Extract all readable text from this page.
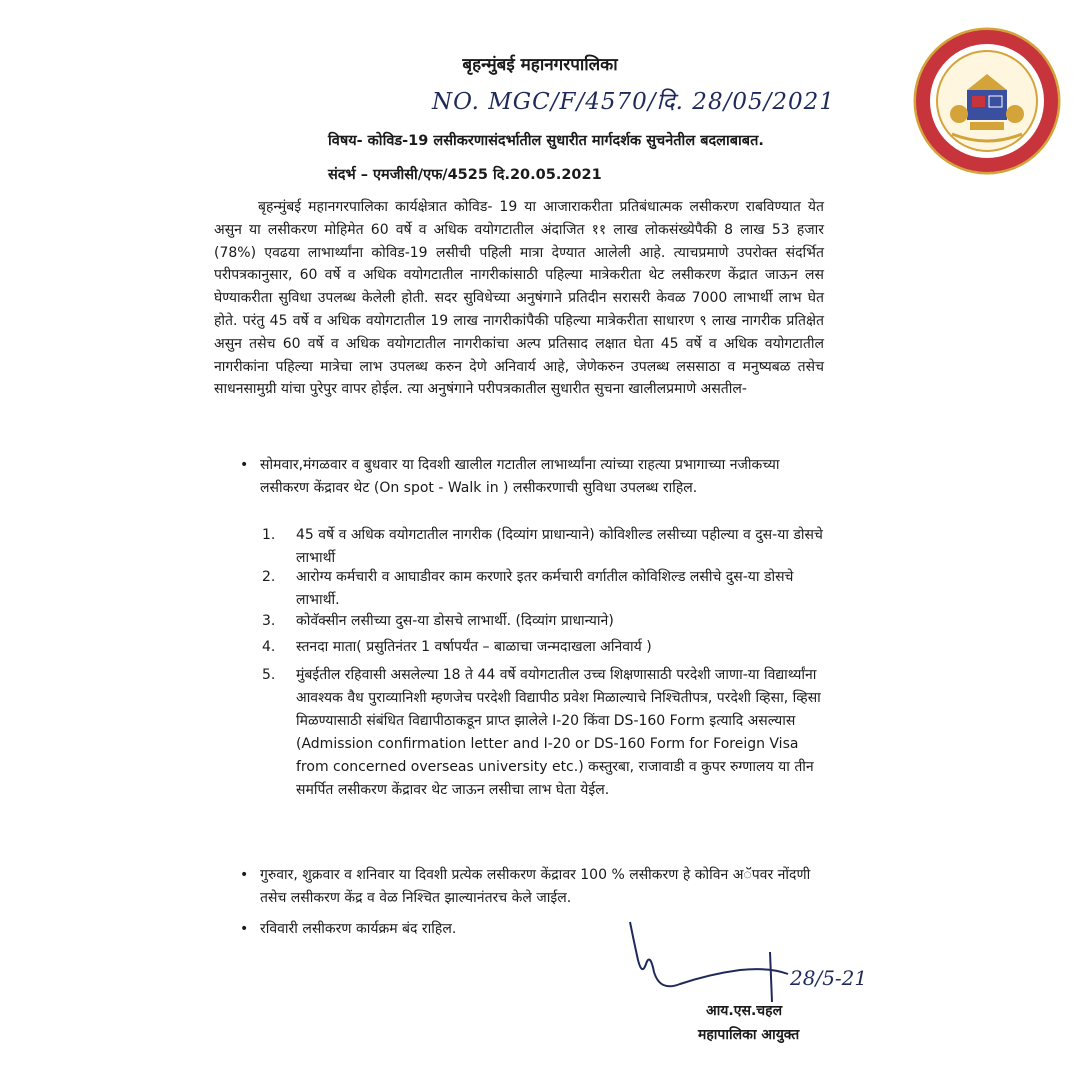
बृहन्मुंबई महानगरपालिका
NO. MGC/F/4570/दि. 28/05/2021
विषय- कोविड-19 लसीकरणासंदर्भातील सुधारीत मार्गदर्शक सुचनेतील बदलाबाबत.
संदर्भ – एमजीसी/एफ/4525 दि.20.05.2021
बृहन्मुंबई महानगरपालिका कार्यक्षेत्रात कोविड- 19 या आजाराकरीता प्रतिबंधात्मक लसीकरण राबविण्यात येत असुन या लसीकरण मोहिमेत 60 वर्षे व अधिक वयोगटातील अंदाजित ११ लाख लोकसंख्येपैकी 8 लाख 53 हजार (78%) एवढया लाभार्थ्यांना कोविड-19 लसीची पहिली मात्रा देण्यात आलेली आहे. त्याचप्रमाणे उपरोक्त संदर्भित परीपत्रकानुसार, 60 वर्षे व अधिक वयोगटातील नागरीकांसाठी पहिल्या मात्रेकरीता थेट लसीकरण केंद्रात जाऊन लस घेण्याकरीता सुविधा उपलब्ध केलेली होती. सदर सुविधेच्या अनुषंगाने प्रतिदीन सरासरी केवळ 7000 लाभार्थी लाभ घेत होते. परंतु 45 वर्षे व अधिक वयोगटातील 19 लाख नागरीकांपैकी पहिल्या मात्रेकरीता साधारण ९ लाख नागरीक प्रतिक्षेत असुन तसेच 60 वर्षे व अधिक वयोगटातील नागरीकांचा अल्प प्रतिसाद लक्षात घेता 45 वर्षे व अधिक वयोगटातील नागरीकांना पहिल्या मात्रेचा लाभ उपलब्ध करुन देणे अनिवार्य आहे, जेणेकरुन उपलब्ध लससाठा व मनुष्यबळ तसेच साधनसामुग्री यांचा पुरेपुर वापर होईल. त्या अनुषंगाने परीपत्रकातील सुधारीत सुचना खालीलप्रमाणे असतील-
• सोमवार,मंगळवार व बुधवार या दिवशी खालील गटातील लाभार्थ्यांना त्यांच्या राहत्या प्रभागाच्या नजीकच्या लसीकरण केंद्रावर थेट (On spot - Walk in ) लसीकरणाची सुविधा उपलब्ध राहिल.
1.	45 वर्षे व अधिक वयोगटातील नागरीक (दिव्यांग प्राधान्याने) कोविशील्ड लसीच्या पहील्या व दुस-या डोसचे लाभार्थी
2.	आरोग्य कर्मचारी व आघाडीवर काम करणारे इतर कर्मचारी वर्गातील कोविशिल्ड लसीचे दुस-या डोसचे लाभार्थी.
3.	कोवॅक्सीन लसीच्या दुस-या डोसचे लाभार्थी. (दिव्यांग प्राधान्याने)
4.	स्तनदा माता( प्रसुतिनंतर 1 वर्षापर्यंत – बाळाचा जन्मदाखला अनिवार्य )
5.	मुंबईतील रहिवासी असलेल्या 18 ते 44 वर्षे वयोगटातील उच्च शिक्षणासाठी परदेशी जाणा-या विद्यार्थ्यांना आवश्यक वैध पुराव्यानिशी म्हणजेच परदेशी विद्यापीठ प्रवेश मिळाल्याचे निश्चितीपत्र, परदेशी व्हिसा, व्हिसा मिळण्यासाठी संबंधित विद्यापीठाकडून प्राप्त झालेले I-20 किंवा DS-160 Form इत्यादि असल्यास (Admission confirmation letter and I-20 or DS-160 Form for Foreign Visa from concerned overseas university etc.) कस्तुरबा, राजावाडी व कुपर रुग्णालय या तीन समर्पित लसीकरण केंद्रावर थेट जाऊन लसीचा लाभ घेता येईल.
• गुरुवार, शुक्रवार व शनिवार या दिवशी प्रत्येक लसीकरण केंद्रावर 100 % लसीकरण हे कोविन अॅपवर नोंदणी तसेच लसीकरण केंद्र व वेळ निश्चित झाल्यानंतरच केले जाईल.
• रविवारी लसीकरण कार्यक्रम बंद राहिल.
28/5-21
आय.एस.चहल
महापालिका आयुक्त
